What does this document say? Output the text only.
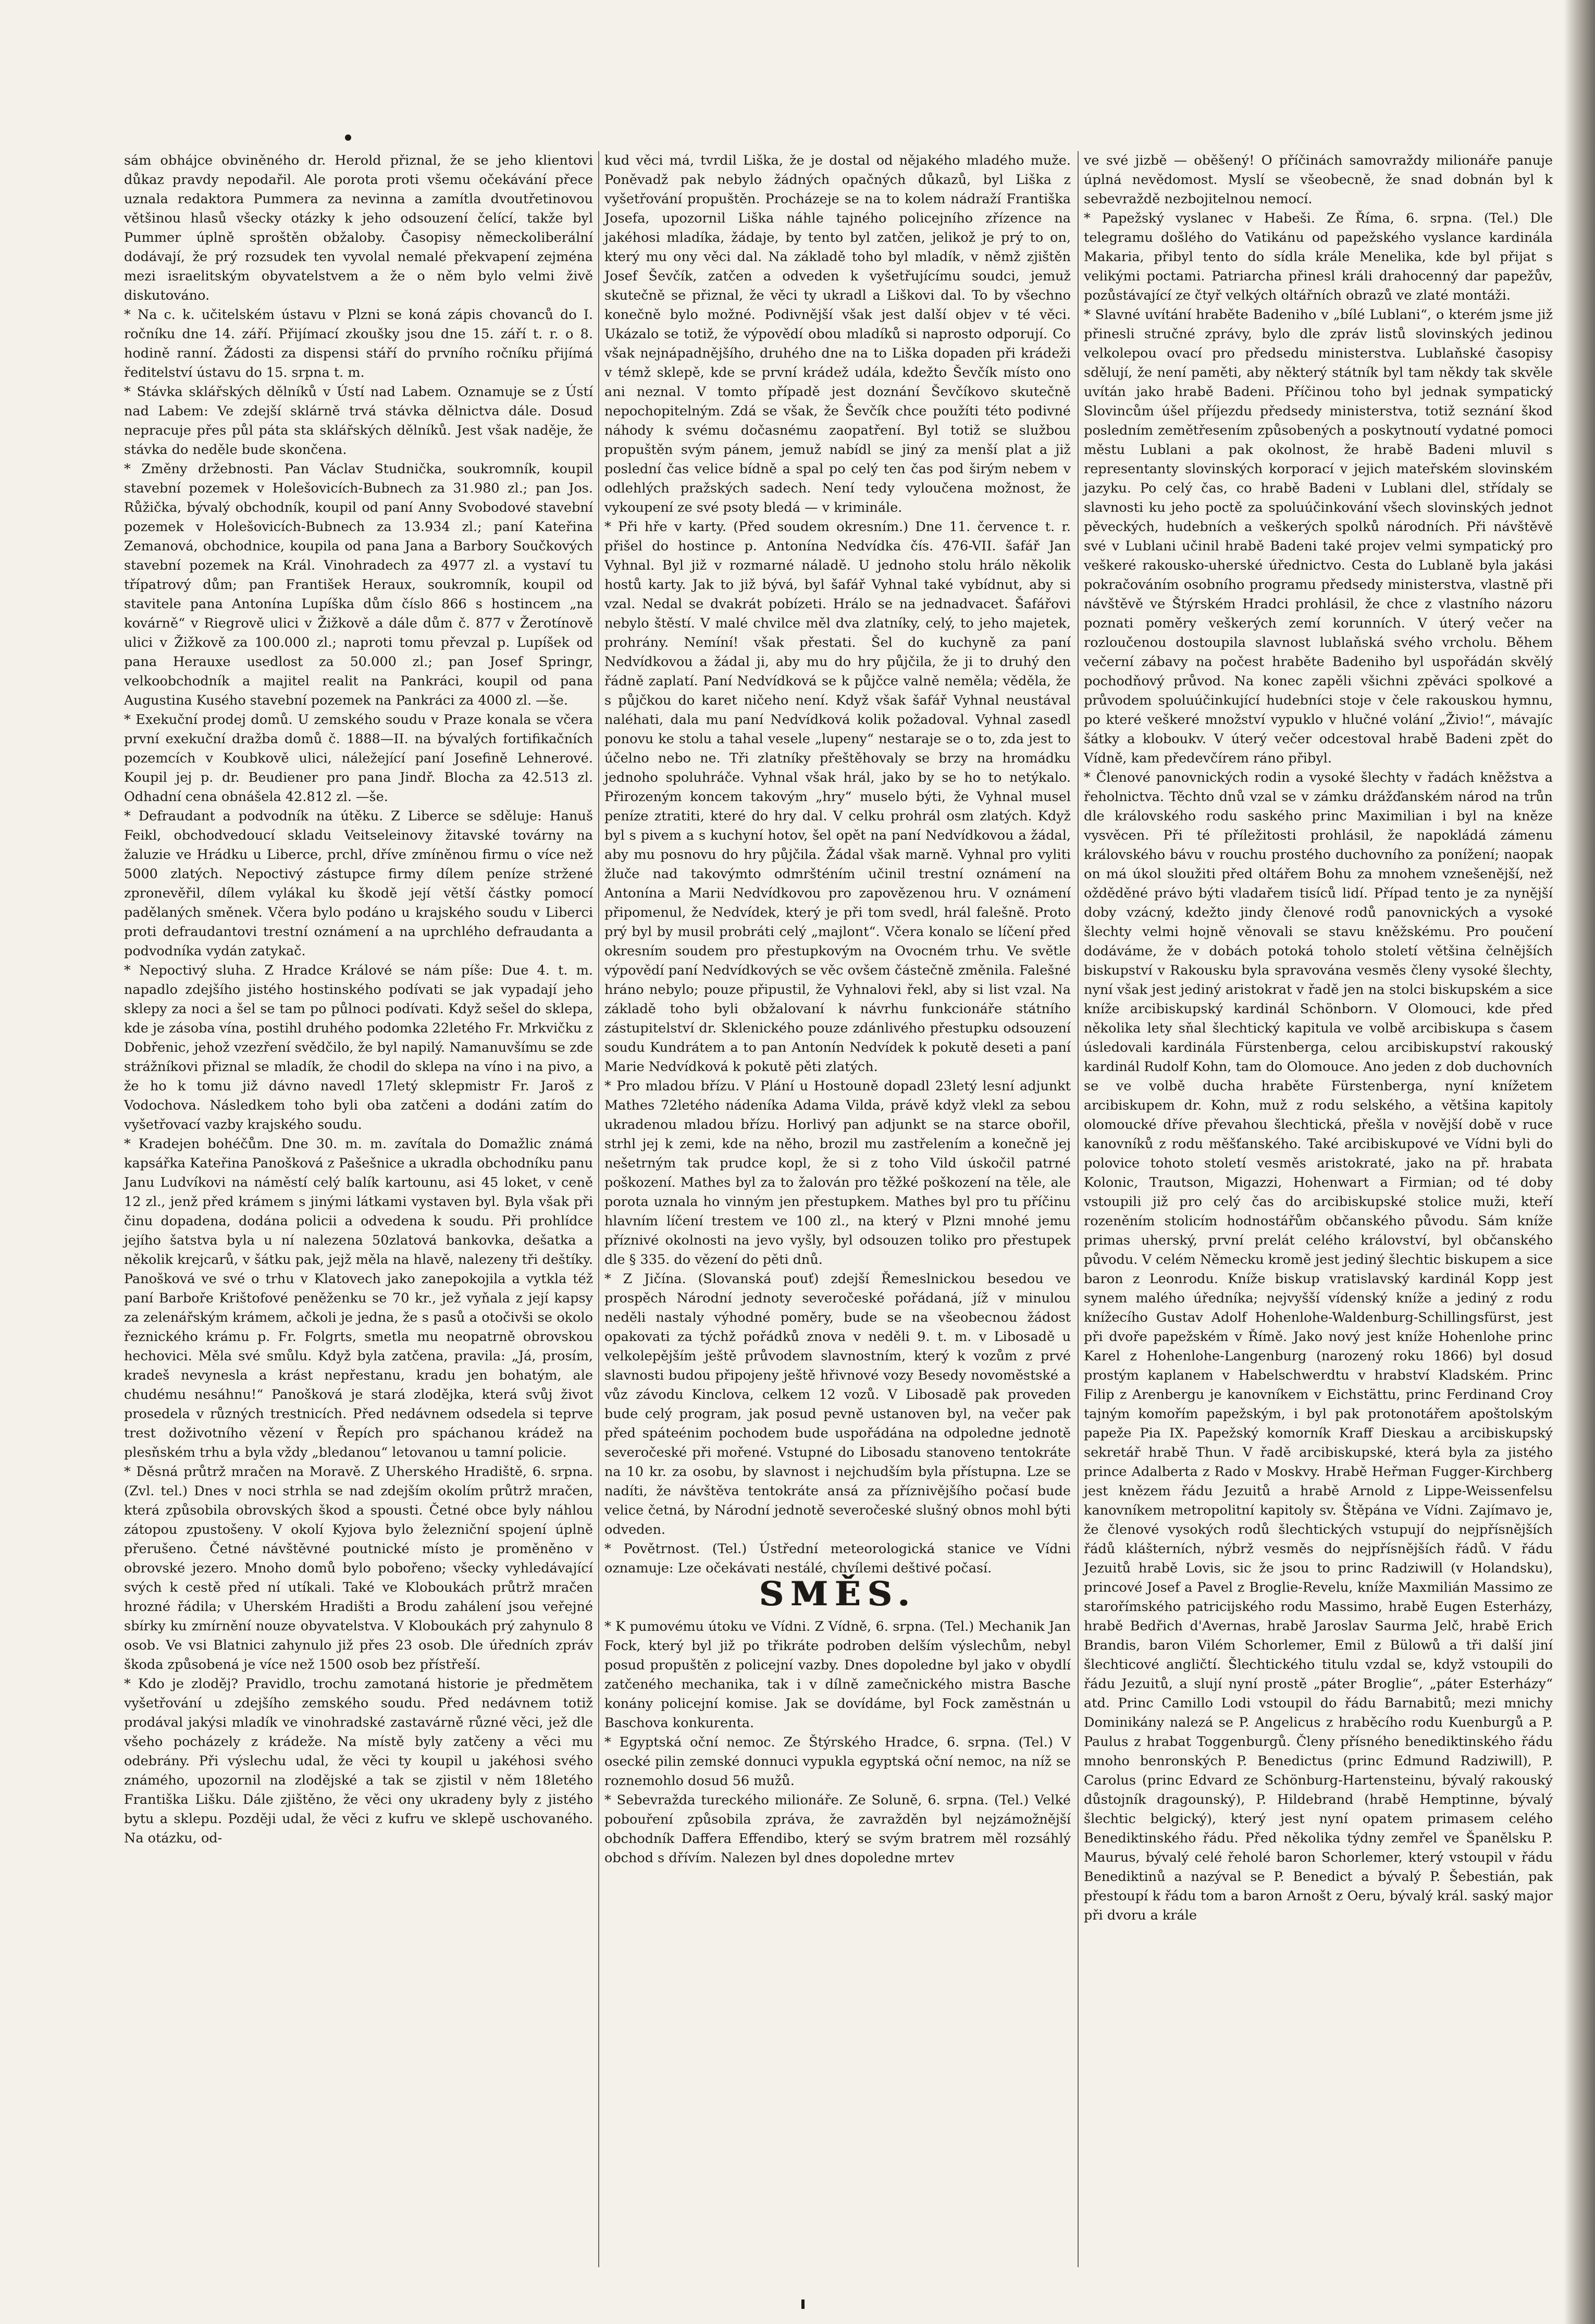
sám obhájce obviněného dr. Herold přiznal, že se jeho klientovi důkaz pravdy nepodařil. Ale porota proti všemu očekávání přece uznala redaktora Pummera za nevinna a zamítla dvoutřetinovou většinou hlasů všecky otázky k jeho odsouzení čelící, takže byl Pummer úplně sproštěn obžaloby. Časopisy německoliberální dodávají, že prý rozsudek ten vyvolal nemalé překvapení zejména mezi israelitským obyvatelstvem a že o něm bylo velmi živě diskutováno.

* Na c. k. učitelském ústavu v Plzni se koná zápis chovanců do I. ročníku dne 14. září. Přijímací zkoušky jsou dne 15. září t. r. o 8. hodině ranní. Žádosti za dispensi stáří do prvního ročníku přijímá ředitelství ústavu do 15. srpna t. m.

* Stávka sklářských dělníků v Ústí nad Labem. Oznamuje se z Ústí nad Labem: Ve zdejší sklárně trvá stávka dělnictva dále. Dosud nepracuje přes půl páta sta sklářských dělníků. Jest však naděje, že stávka do neděle bude skončena.

* Změny držebnosti. Pan Václav Studnička, soukromník, koupil stavební pozemek v Holešovicích-Bubnech za 31.980 zl.; pan Jos. Růžička, bývalý obchodník, koupil od paní Anny Svobodové stavební pozemek v Holešovicích-Bubnech za 13.934 zl.; paní Kateřina Zemanová, obchodnice, koupila od pana Jana a Barbory Součkových stavební pozemek na Král. Vinohradech za 4977 zl. a vystaví tu třípatrový dům; pan František Heraux, soukromník, koupil od stavitele pana Antonína Lupíška dům číslo 866 s hostincem „na kovárně“ v Riegrově ulici v Žižkově a dále dům č. 877 v Žerotínově ulici v Žižkově za 100.000 zl.; naproti tomu převzal p. Lupíšek od pana Herauxe usedlost za 50.000 zl.; pan Josef Springr, velkoobchodník a majitel realit na Pankráci, koupil od pana Augustina Kusého stavební pozemek na Pankráci za 4000 zl. —še.

* Exekuční prodej domů. U zemského soudu v Praze konala se včera první exekuční dražba domů č. 1888—II. na bývalých fortifikačních pozemcích v Koubkově ulici, náležející paní Josefině Lehnerové. Koupil jej p. dr. Beudiener pro pana Jindř. Blocha za 42.513 zl. Odhadní cena obnášela 42.812 zl. —še.

* Defraudant a podvodník na útěku. Z Liberce se sděluje: Hanuš Feikl, obchodvedoucí skladu Veitseleinovy žitavské továrny na žaluzie ve Hrádku u Liberce, prchl, dříve zmíněnou firmu o více než 5000 zlatých. Nepoctivý zástupce firmy dílem peníze stržené zpronevěřil, dílem vylákal ku škodě její větší částky pomocí padělaných směnek. Včera bylo podáno u krajského soudu v Liberci proti defraudantovi trestní oznámení a na uprchlého defraudanta a podvodníka vydán zatykač.

* Nepoctivý sluha. Z Hradce Králové se nám píše: Due 4. t. m. napadlo zdejšího jistého hostinského podívati se jak vypadají jeho sklepy za noci a šel se tam po půlnoci podívati. Když sešel do sklepa, kde je zásoba vína, postihl druhého podomka 22letého Fr. Mrkvičku z Dobřenic, jehož vzezření svědčilo, že byl napilý. Namanuvšímu se zde strážníkovi přiznal se mladík, že chodil do sklepa na víno i na pivo, a že ho k tomu již dávno navedl 17letý sklepmistr Fr. Jaroš z Vodochova. Následkem toho byli oba zatčeni a dodáni zatím do vyšetřovací vazby krajského soudu.

* Kradejen bohéčům. Dne 30. m. m. zavítala do Domažlic známá kapsářka Kateřina Panošková z Pašešnice a ukradla obchodníku panu Janu Ludvíkovi na náměstí celý balík kartounu, asi 45 loket, v ceně 12 zl., jenž před krámem s jinými látkami vystaven byl. Byla však při činu dopadena, dodána policii a odvedena k soudu. Při prohlídce jejího šatstva byla u ní nalezena 50zlatová bankovka, dešatka a několik krejcarů, v šátku pak, jejž měla na hlavě, nalezeny tři deštíky. Panošková ve své o trhu v Klatovech jako zanepokojila a vytkla též paní Barboře Krištofové peněženku se 70 kr., jež vyňala z její kapsy za zelenářským krámem, ačkoli je jedna, že s pasů a otočivši se okolo řeznického krámu p. Fr. Folgrts, smetla mu neopatrně obrovskou hechovici. Měla své smůlu. Když byla zatčena, pravila: „Já, prosím, kradeš nevynesla a krást nepřestanu, kradu jen bohatým, ale chudému nesáhnu!“ Panošková je stará zlodějka, která svůj život prosedela v různých trestnicích. Před nedávnem odsedela si teprve trest doživotního vězení v Řepích pro spáchanou krádež na plesňském trhu a byla vždy „bledanou“ letovanou u tamní policie.

* Děsná průtrž mračen na Moravě. Z Uherského Hradiště, 6. srpna. (Zvl. tel.) Dnes v noci strhla se nad zdejším okolím průtrž mračen, která způsobila obrovských škod a spousti. Četné obce byly náhlou zátopou zpustošeny. V okolí Kyjova bylo železniční spojení úplně přerušeno. Četné návštěvné poutnické místo je proměněno v obrovské jezero. Mnoho domů bylo pobořeno; všecky vyhledávající svých k cestě před ní utíkali. Také ve Kloboukách průtrž mračen hrozné řádila; v Uherském Hradišti a Brodu zahálení jsou veřejné sbírky ku zmírnění nouze obyvatelstva. V Kloboukách prý zahynulo 8 osob. Ve vsi Blatnici zahynulo již přes 23 osob. Dle úředních zpráv škoda způsobená je více než 1500 osob bez přístřeší.

* Kdo je zloděj? Pravidlo, trochu zamotaná historie je předmětem vyšetřování u zdejšího zemského soudu. Před nedávnem totiž prodával jakýsi mladík ve vinohradské zastavárně různé věci, jež dle všeho pocházely z krádeže. Na místě byly zatčeny a věci mu odebrány. Při výslechu udal, že věci ty koupil u jakéhosi svého známého, upozornil na zlodějské a tak se zjistil v něm 18letého Františka Lišku. Dále zjištěno, že věci ony ukradeny byly z jistého bytu a sklepu. Později udal, že věci z kufru ve sklepě uschovaného. Na otázku, od-

kud věci má, tvrdil Liška, že je dostal od nějakého mladého muže. Poněvadž pak nebylo žádných opačných důkazů, byl Liška z vyšetřování propuštěn. Procházeje se na to kolem nádraží Františka Josefa, upozornil Liška náhle tajného policejního zřízence na jakéhosi mladíka, žádaje, by tento byl zatčen, jelikož je prý to on, který mu ony věci dal. Na základě toho byl mladík, v němž zjištěn Josef Ševčík, zatčen a odveden k vyšetřujícímu soudci, jemuž skutečně se přiznal, že věci ty ukradl a Liškovi dal. To by všechno konečně bylo možné. Podivnější však jest další objev v té věci. Ukázalo se totiž, že výpovědí obou mladíků si naprosto odporují. Co však nejnápadnějšího, druhého dne na to Liška dopaden při krádeži v témž sklepě, kde se první krádež udála, kdežto Ševčík místo ono ani neznal. V tomto případě jest doznání Ševčíkovo skutečně nepochopitelným. Zdá se však, že Ševčík chce použíti této podivné náhody k svému dočasnému zaopatření. Byl totiž se službou propuštěn svým pánem, jemuž nabídl se jiný za menší plat a již poslední čas velice bídně a spal po celý ten čas pod širým nebem v odlehlých pražských sadech. Není tedy vyloučena možnost, že vykoupení ze své psoty bledá — v kriminále.

* Při hře v karty. (Před soudem okresním.) Dne 11. července t. r. přišel do hostince p. Antonína Nedvídka čís. 476-VII. šafář Jan Vyhnal. Byl již v rozmarné náladě. U jednoho stolu hrálo několik hostů karty. Jak to již bývá, byl šafář Vyhnal také vybídnut, aby si vzal. Nedal se dvakrát pobízeti. Hrálo se na jednadvacet. Šafářovi nebylo štěstí. V malé chvilce měl dva zlatníky, celý, to jeho majetek, prohrány. Nemíní! však přestati. Šel do kuchyně za paní Nedvídkovou a žádal ji, aby mu do hry půjčila, že ji to druhý den řádně zaplatí. Paní Nedvídková se k půjčce valně neměla; věděla, že s půjčkou do karet ničeho není. Když však šafář Vyhnal neustával naléhati, dala mu paní Nedvídková kolik požadoval. Vyhnal zasedl ponovu ke stolu a tahal vesele „lupeny“ nestaraje se o to, zda jest to účelno nebo ne. Tři zlatníky přeštěhovaly se brzy na hromádku jednoho spoluhráče. Vyhnal však hrál, jako by se ho to netýkalo. Přirozeným koncem takovým „hry“ muselo býti, že Vyhnal musel peníze ztratiti, které do hry dal. V celku prohrál osm zlatých. Když byl s pivem a s kuchyní hotov, šel opět na paní Nedvídkovou a žádal, aby mu posnovu do hry půjčila. Žádal však marně. Vyhnal pro vyliti žluče nad takovýmto odmršténím učinil trestní oznámení na Antonína a Marii Nedvídkovou pro zapovězenou hru. V oznámení připomenul, že Nedvídek, který je při tom svedl, hrál falešně. Proto prý byl by musil probráti celý „majlont“. Včera konalo se líčení před okresním soudem pro přestupkovým na Ovocném trhu. Ve světle výpovědí paní Nedvídkových se věc ovšem částečně změnila. Falešné hráno nebylo; pouze připustil, že Vyhnalovi řekl, aby si list vzal. Na základě toho byli obžalovaní k návrhu funkcionáře státního zástupitelství dr. Sklenického pouze zdánlivého přestupku odsouzení soudu Kundrátem a to pan Antonín Nedvídek k pokutě deseti a paní Marie Nedvídková k pokutě pěti zlatých.

* Pro mladou břízu. V Plání u Hostouně dopadl 23letý lesní adjunkt Mathes 72letého nádeníka Adama Vilda, právě když vlekl za sebou ukradenou mladou břízu. Horlivý pan adjunkt se na starce obořil, strhl jej k zemi, kde na něho, brozil mu zastřelením a konečně jej nešetrným tak prudce kopl, že si z toho Vild úskočil patrné poškození. Mathes byl za to žalován pro těžké poškození na těle, ale porota uznala ho vinným jen přestupkem. Mathes byl pro tu příčinu hlavním líčení trestem ve 100 zl., na který v Plzni mnohé jemu příznivé okolnosti na jevo vyšly, byl odsouzen toliko pro přestupek dle § 335. do vězení do pěti dnů.

* Z Jičína. (Slovanská pouť) zdejší Řemeslnickou besedou ve prospěch Národní jednoty severočeské pořádaná, jíž v minulou neděli nastaly výhodné poměry, bude se na všeobecnou žádost opakovati za týchž pořádků znova v neděli 9. t. m. v Libosadě u velkolepějším ještě průvodem slavnostním, který k vozům z prvé slavnosti budou připojeny ještě hřivnové vozy Besedy novoměstské a vůz závodu Kinclova, celkem 12 vozů. V Libosadě pak proveden bude celý program, jak posud pevně ustanoven byl, na večer pak před spáteénim pochodem bude uspořádána na odpoledne jednotě severočeské při mořené. Vstupné do Libosadu stanoveno tentokráte na 10 kr. za osobu, by slavnost i nejchudším byla přístupna. Lze se nadíti, že návštěva tentokráte ansá za příznivějšího počasí bude velice četná, by Národní jednotě severočeské slušný obnos mohl býti odveden.

* Povětrnost. (Tel.) Ústřední meteorologická stanice ve Vídni oznamuje: Lze očekávati nestálé, chvílemi deštivé počasí.

SMĚS.

* K pumovému útoku ve Vídni. Z Vídně, 6. srpna. (Tel.) Mechanik Jan Fock, který byl již po třikráte podroben delším výslechům, nebyl posud propuštěn z policejní vazby. Dnes dopoledne byl jako v obydlí zatčeného mechanika, tak i v dílně zamečnického mistra Basche konány policejní komise. Jak se dovídáme, byl Fock zaměstnán u Baschova konkurenta.

* Egyptská oční nemoc. Ze Štýrského Hradce, 6. srpna. (Tel.) V osecké pilin zemské donnuci vypukla egyptská oční nemoc, na níž se roznemohlo dosud 56 mužů.

* Sebevražda tureckého milionáře. Ze Soluně, 6. srpna. (Tel.) Velké pobouření způsobila zpráva, že zavražděn byl nejzámožnější obchodník Daffera Effendibo, který se svým bratrem měl rozsáhlý obchod s dřívím. Nalezen byl dnes dopoledne mrtev

ve své jizbě — oběšený! O příčinách samovraždy milionáře panuje úplná nevědomost. Myslí se všeobecně, že snad dobnán byl k sebevraždě nezbojitelnou nemocí.

* Papežský vyslanec v Habeši. Ze Říma, 6. srpna. (Tel.) Dle telegramu došlého do Vatikánu od papežského vyslance kardinála Makaria, přibyl tento do sídla krále Menelika, kde byl přijat s velikými poctami. Patriarcha přinesl králi drahocenný dar papežův, pozůstávající ze čtyř velkých oltářních obrazů ve zlaté montáži.

* Slavné uvítání hraběte Badeniho v „bílé Lublani“, o kterém jsme již přinesli stručné zprávy, bylo dle zpráv listů slovinských jedinou velkolepou ovací pro předsedu ministerstva. Lublaňské časopisy sdělují, že není paměti, aby některý státník byl tam někdy tak skvěle uvítán jako hrabě Badeni. Příčinou toho byl jednak sympatický Slovincům úšel příjezdu předsedy ministerstva, totiž seznání škod posledním zemětřesením způsobených a poskytnoutí vydatné pomoci městu Lublani a pak okolnost, že hrabě Badeni mluvil s representanty slovinských korporací v jejich mateřském slovinském jazyku. Po celý čas, co hrabě Badeni v Lublani dlel, střídaly se slavnosti ku jeho poctě za spoluúčinkování všech slovinských jednot pěveckých, hudebních a veškerých spolků národních. Při návštěvě své v Lublani učinil hrabě Badeni také projev velmi sympatický pro veškeré rakousko-uherské úřednictvo. Cesta do Lublaně byla jakási pokračováním osobního programu předsedy ministerstva, vlastně při návštěvě ve Štýrském Hradci prohlásil, že chce z vlastního názoru poznati poměry veškerých zemí korunních. V úterý večer na rozloučenou dostoupila slavnost lublaňská svého vrcholu. Během večerní zábavy na počest hraběte Badeniho byl uspořádán skvělý pochodňový průvod. Na konec zapěli všichni zpěváci spolkové a průvodem spoluúčinkující hudebníci stoje v čele rakouskou hymnu, po které veškeré množství vypuklo v hlučné volání „Živio!“, mávajíc šátky a kloboukv. V úterý večer odcestoval hrabě Badeni zpět do Vídně, kam předevčírem ráno přibyl.

* Členové panovnických rodin a vysoké šlechty v řadách kněžstva a řeholnictva. Těchto dnů vzal se v zámku drážďanském národ na trůn dle královského rodu saského princ Maximilian i byl na kněze vysvěcen. Při té příležitosti prohlásil, že napokládá zámenu královského bávu v rouchu prostého duchovního za ponížení; naopak on má úkol sloužiti před oltářem Bohu za mnohem vznešenější, než ožděděné právo býti vladařem tisíců lidí. Případ tento je za nynější doby vzácný, kdežto jindy členové rodů panovnických a vysoké šlechty velmi hojně věnovali se stavu kněžskému. Pro poučení dodáváme, že v dobách potoká toholo století většina čelnějších biskupství v Rakousku byla spravována vesměs členy vysoké šlechty, nyní však jest jediný aristokrat v řadě jen na stolci biskupském a sice kníže arcibiskupský kardinál Schönborn. V Olomouci, kde před několika lety sňal šlechtický kapitula ve volbě arcibiskupa s časem úsledovali kardinála Fürstenberga, celou arcibiskupství rakouský kardinál Rudolf Kohn, tam do Olomouce. Ano jeden z dob duchovních se ve volbě ducha hraběte Fürstenberga, nyní knížetem arcibiskupem dr. Kohn, muž z rodu selského, a většina kapitoly olomoucké dříve převahou šlechtická, přešla v novější době v ruce kanovníků z rodu měšťanského. Také arcibiskupové ve Vídni byli do polovice tohoto století vesměs aristokraté, jako na př. hrabata Kolonic, Trautson, Migazzi, Hohenwart a Firmian; od té doby vstoupili již pro celý čas do arcibiskupské stolice muži, kteří rozeněním stolicím hodnostářům občanského původu. Sám kníže primas uherský, první prelát celého království, byl občanského původu. V celém Německu kromě jest jediný šlechtic biskupem a sice baron z Leonrodu. Kníže biskup vratislavský kardinál Kopp jest synem malého úředníka; nejvyšší vídenský kníže a jediný z rodu knížecího Gustav Adolf Hohenlohe-Waldenburg-Schillingsfürst, jest při dvoře papežském v Římě. Jako nový jest kníže Hohenlohe princ Karel z Hohenlohe-Langenburg (narozený roku 1866) byl dosud prostým kaplanem v Habelschwerdtu v hrabství Kladském. Princ Filip z Arenbergu je kanovníkem v Eichstättu, princ Ferdinand Croy tajným komořím papežským, i byl pak protonotářem apoštolským papeže Pia IX. Papežský komorník Kraff Dieskau a arcibiskupský sekretář hrabě Thun. V řadě arcibiskupské, která byla za jistého prince Adalberta z Rado v Moskvy. Hrabě Heřman Fugger-Kirchberg jest knězem řádu Jezuitů a hrabě Arnold z Lippe-Weissenfelsu kanovníkem metropolitní kapitoly sv. Štěpána ve Vídni. Zajímavo je, že členové vysokých rodů šlechtických vstupují do nejpřísnějších řádů klášterních, nýbrž vesměs do nejpřísnějších řádů. V řádu Jezuitů hrabě Lovis, sic že jsou to princ Radziwill (v Holandsku), princové Josef a Pavel z Broglie-Revelu, kníže Maxmilián Massimo ze starořímského patricijského rodu Massimo, hrabě Eugen Esterházy, hrabě Bedřich d'Avernas, hrabě Jaroslav Saurma Jelč, hrabě Erich Brandis, baron Vilém Schorlemer, Emil z Bülowů a tři další jiní šlechticové angličtí. Šlechtického titulu vzdal se, když vstoupili do řádu Jezuitů, a slují nyní prostě „páter Broglie“, „páter Esterházy“ atd. Princ Camillo Lodi vstoupil do řádu Barnabitů; mezi mnichy Dominikány nalezá se P. Angelicus z hraběcího rodu Kuenburgů a P. Paulus z hrabat Toggenburgů. Členy přísného benediktinského řádu mnoho benronských P. Benedictus (princ Edmund Radziwill), P. Carolus (princ Edvard ze Schönburg-Hartensteinu, bývalý rakouský důstojník dragounský), P. Hildebrand (hrabě Hemptinne, bývalý šlechtic belgický), který jest nyní opatem primasem celého Benediktinského řádu. Před několika týdny zemřel ve Španělsku P. Maurus, bývalý celé řeholé baron Schorlemer, který vstoupil v řádu Benediktinů a nazýval se P. Benedict a bývalý P. Šebestián, pak přestoupí k řádu tom a baron Arnošt z Oeru, bývalý král. saský major při dvoru a krále
